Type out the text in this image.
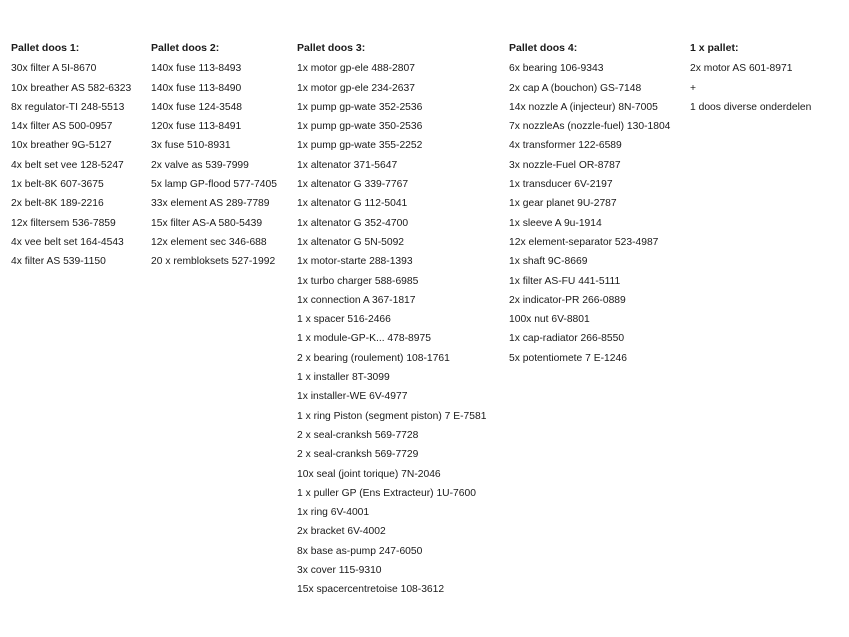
Pallet doos 1:
30x filter A 5I-8670
10x breather AS 582-6323
8x regulator-TI 248-5513
14x filter AS 500-0957
10x breather 9G-5127
4x belt set vee 128-5247
1x belt-8K 607-3675
2x belt-8K 189-2216
12x filtersem 536-7859
4x vee belt set 164-4543
4x filter AS 539-1150
Pallet doos 2:
140x fuse 113-8493
140x fuse 113-8490
140x fuse 124-3548
120x fuse 113-8491
3x fuse 510-8931
2x valve as 539-7999
5x lamp GP-flood 577-7405
33x element AS 289-7789
15x filter AS-A 580-5439
12x element sec 346-688
20 x rembloksets 527-1992
Pallet doos 3:
1x motor gp-ele 488-2807
1x motor gp-ele 234-2637
1x pump gp-wate 352-2536
1x pump gp-wate 350-2536
1x pump gp-wate 355-2252
1x altenator 371-5647
1x altenator G 339-7767
1x altenator G 112-5041
1x altenator G 352-4700
1x altenator G 5N-5092
1x motor-starte 288-1393
1x turbo charger 588-6985
1x connection A 367-1817
1 x spacer 516-2466
1 x module-GP-K... 478-8975
2 x bearing (roulement) 108-1761
1 x installer 8T-3099
1x installer-WE 6V-4977
1 x ring Piston (segment piston) 7 E-7581
2 x seal-cranksh 569-7728
2 x seal-cranksh 569-7729
10x seal (joint torique) 7N-2046
1 x puller GP (Ens Extracteur) 1U-7600
1x ring 6V-4001
2x bracket 6V-4002
8x base as-pump 247-6050
3x cover 115-9310
15x spacercentretoise 108-3612
Pallet doos 4:
6x bearing 106-9343
2x cap A (bouchon) GS-7148
14x nozzle A (injecteur) 8N-7005
7x nozzleAs (nozzle-fuel) 130-1804
4x transformer 122-6589
3x nozzle-Fuel OR-8787
1x transducer 6V-2197
1x gear planet 9U-2787
1x sleeve A 9u-1914
12x element-separator 523-4987
1x shaft 9C-8669
1x filter AS-FU 441-5111
2x indicator-PR 266-0889
100x nut 6V-8801
1x cap-radiator 266-8550
5x potentiomete 7 E-1246
1 x pallet:
2x motor AS 601-8971
+
1 doos diverse onderdelen
